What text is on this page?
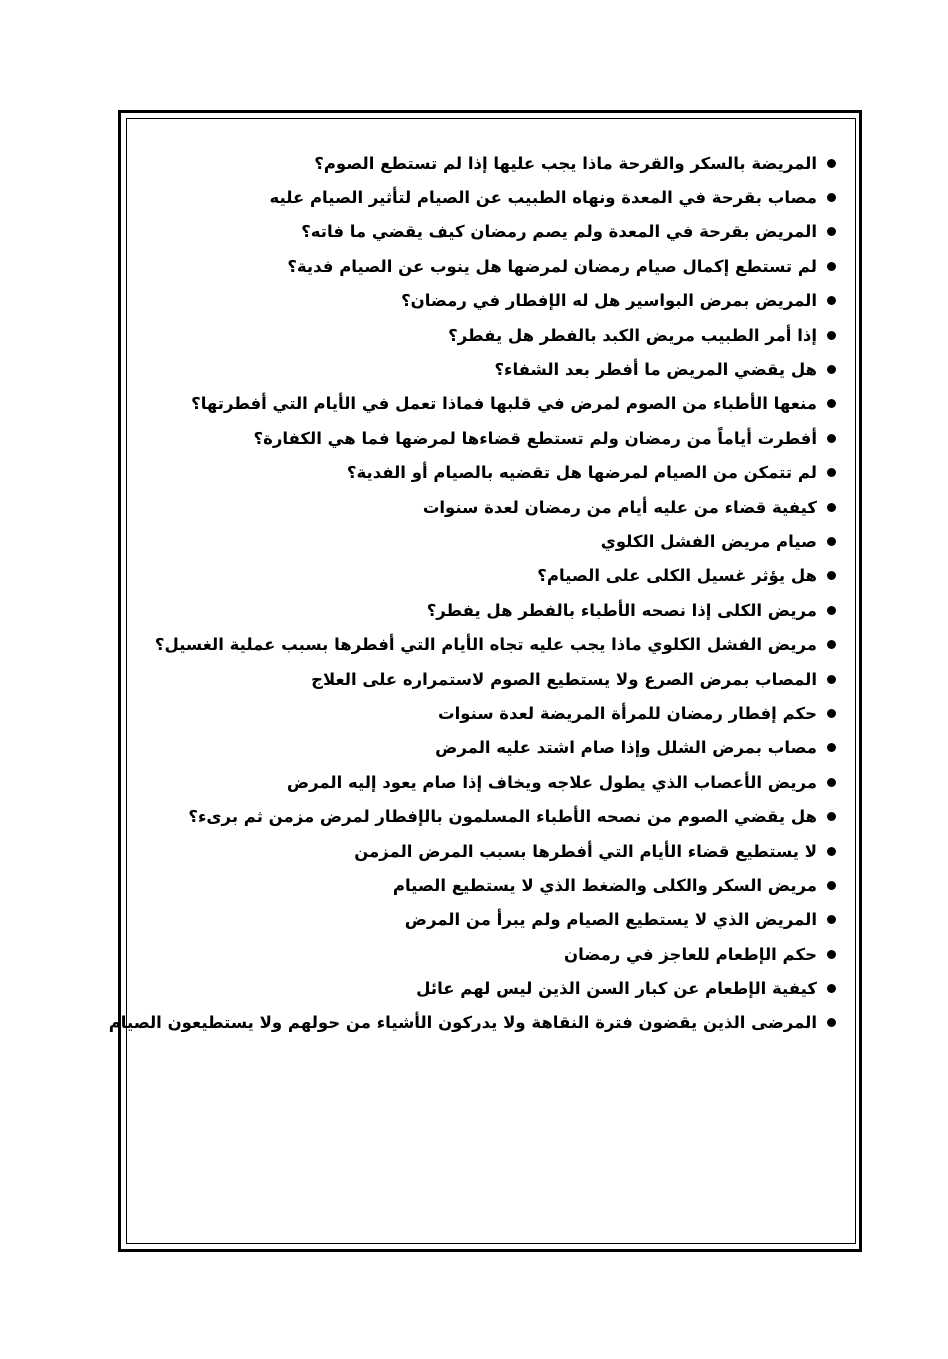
المريضة بالسكر والقرحة ماذا يجب عليها إذا لم تستطع الصوم؟
مصاب بقرحة في المعدة ونهاه الطبيب عن الصيام لتأثير الصيام عليه
المريض بقرحة في المعدة ولم يصم رمضان كيف يقضي ما فاته؟
لم تستطع إكمال صيام رمضان لمرضها هل ينوب عن الصيام فدية؟
المريض بمرض البواسير هل له الإفطار في رمضان؟
إذا أمر الطبيب مريض الكبد بالفطر هل يفطر؟
هل يقضي المريض ما أفطر بعد الشفاء؟
منعها الأطباء من الصوم لمرض في قلبها فماذا تعمل في الأيام التي أفطرتها؟
أفطرت أياماً من رمضان ولم تستطع قضاءها لمرضها فما هي الكفارة؟
لم تتمكن من الصيام لمرضها هل تقضيه بالصيام أو الفدية؟
كيفية قضاء من عليه أيام من رمضان لعدة سنوات
صيام مريض الفشل الكلوي
هل يؤثر غسيل الكلى على الصيام؟
مريض الكلى إذا نصحه الأطباء بالفطر هل يفطر؟
مريض الفشل الكلوي ماذا يجب عليه تجاه الأيام التي أفطرها بسبب عملية الغسيل؟
المصاب بمرض الصرع ولا يستطيع الصوم لاستمراره على العلاج
حكم إفطار رمضان للمرأة المريضة لعدة سنوات
مصاب بمرض الشلل وإذا صام اشتد عليه المرض
مريض الأعصاب الذي يطول علاجه ويخاف إذا صام يعود إليه المرض
هل يقضي الصوم من نصحه الأطباء المسلمون بالإفطار لمرض مزمن ثم برىء؟
لا يستطيع قضاء الأيام التي أفطرها بسبب المرض المزمن
مريض السكر والكلى والضغط الذي لا يستطيع الصيام
المريض الذي لا يستطيع الصيام ولم يبرأ من المرض
حكم الإطعام للعاجز في رمضان
كيفية الإطعام عن كبار السن الذين ليس لهم عائل
المرضى الذين يقضون فترة النقاهة ولا يدركون الأشياء من حولهم ولا يستطيعون الصيام
